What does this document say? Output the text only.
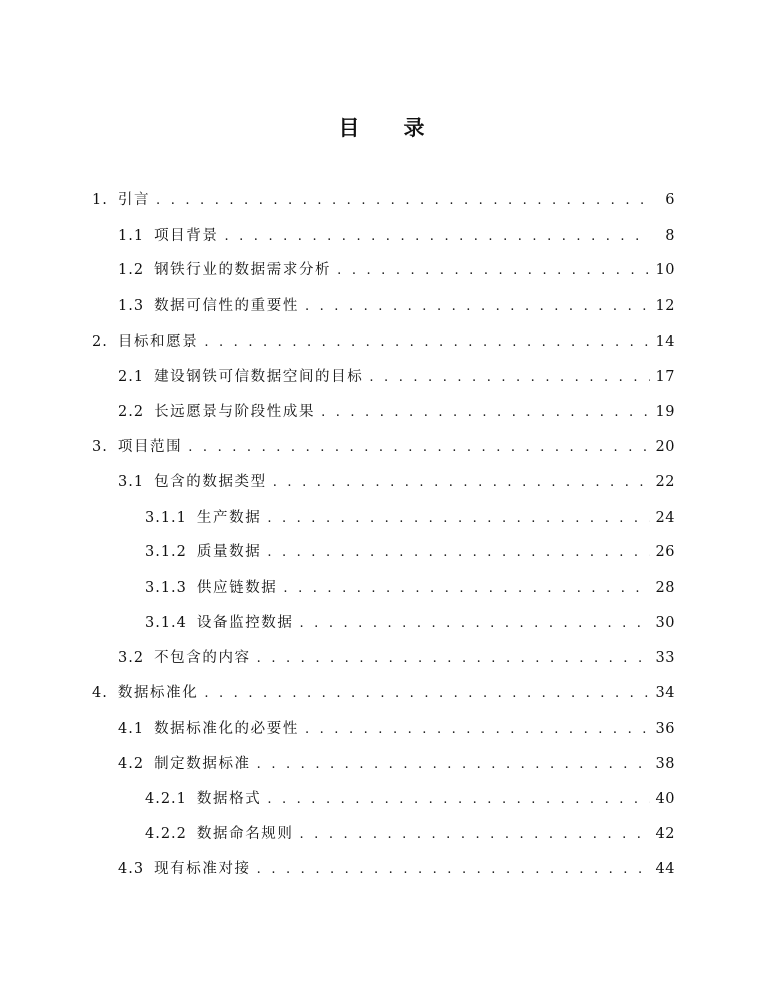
目 录
1. 引言 . . .	6
1.1 项目背景 . . .	8
1.2 钢铁行业的数据需求分析 . . .	10
1.3 数据可信性的重要性 . . .	12
2. 目标和愿景 . . .	14
2.1 建设钢铁可信数据空间的目标 . . .	17
2.2 长远愿景与阶段性成果 . . .	19
3. 项目范围 . . .	20
3.1 包含的数据类型 . . .	22
3.1.1 生产数据 . . .	24
3.1.2 质量数据 . . .	26
3.1.3 供应链数据 . . .	28
3.1.4 设备监控数据 . . .	30
3.2 不包含的内容 . . .	33
4. 数据标准化 . . .	34
4.1 数据标准化的必要性 . . .	36
4.2 制定数据标准 . . .	38
4.2.1 数据格式 . . .	40
4.2.2 数据命名规则 . . .	42
4.3 现有标准对接 . . .	44
